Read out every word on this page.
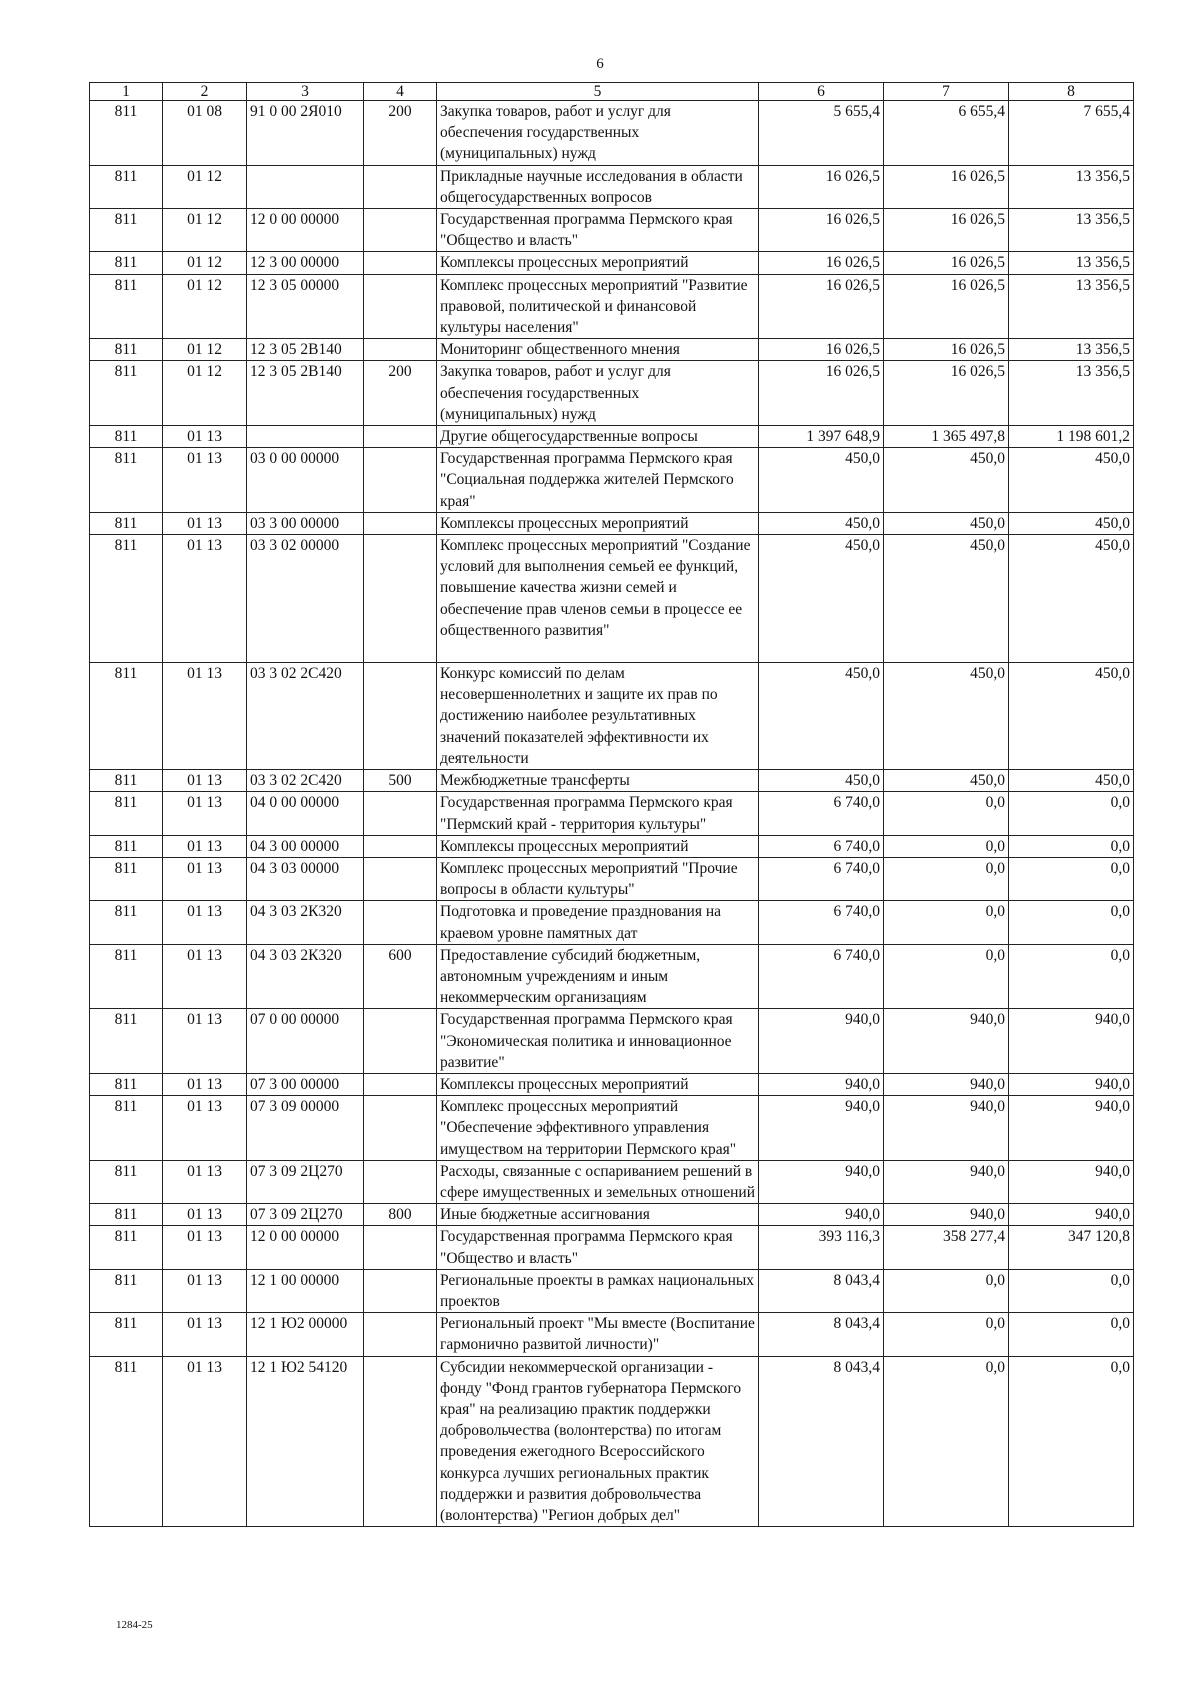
6
1	2	3	4	5	6	7	8
811	01 08	91 0 00 2Я010	200	Закупка товаров, работ и услуг для обеспечения государственных (муниципальных) нужд	5 655,4	6 655,4	7 655,4
811	01 12			Прикладные научные исследования в области общегосударственных вопросов	16 026,5	16 026,5	13 356,5
811	01 12	12 0 00 00000		Государственная программа Пермского края "Общество и власть"	16 026,5	16 026,5	13 356,5
811	01 12	12 3 00 00000		Комплексы процессных мероприятий	16 026,5	16 026,5	13 356,5
811	01 12	12 3 05 00000		Комплекс процессных мероприятий "Развитие правовой, политической и финансовой культуры населения"	16 026,5	16 026,5	13 356,5
811	01 12	12 3 05 2В140		Мониторинг общественного мнения	16 026,5	16 026,5	13 356,5
811	01 12	12 3 05 2В140	200	Закупка товаров, работ и услуг для обеспечения государственных (муниципальных) нужд	16 026,5	16 026,5	13 356,5
811	01 13			Другие общегосударственные вопросы	1 397 648,9	1 365 497,8	1 198 601,2
811	01 13	03 0 00 00000		Государственная программа Пермского края "Социальная поддержка жителей Пермского края"	450,0	450,0	450,0
811	01 13	03 3 00 00000		Комплексы процессных мероприятий	450,0	450,0	450,0
811	01 13	03 3 02 00000		Комплекс процессных мероприятий "Создание условий для выполнения семьей ее функций, повышение качества жизни семей и обеспечение прав членов семьи в процессе ее общественного развития"	450,0	450,0	450,0
811	01 13	03 3 02 2С420		Конкурс комиссий по делам несовершеннолетних и защите их прав по достижению наиболее результативных значений показателей эффективности их деятельности	450,0	450,0	450,0
811	01 13	03 3 02 2С420	500	Межбюджетные трансферты	450,0	450,0	450,0
811	01 13	04 0 00 00000		Государственная программа Пермского края "Пермский край - территория культуры"	6 740,0	0,0	0,0
811	01 13	04 3 00 00000		Комплексы процессных мероприятий	6 740,0	0,0	0,0
811	01 13	04 3 03 00000		Комплекс процессных мероприятий "Прочие вопросы в области культуры"	6 740,0	0,0	0,0
811	01 13	04 3 03 2К320		Подготовка и проведение празднования на краевом уровне памятных дат	6 740,0	0,0	0,0
811	01 13	04 3 03 2К320	600	Предоставление субсидий бюджетным, автономным учреждениям и иным некоммерческим организациям	6 740,0	0,0	0,0
811	01 13	07 0 00 00000		Государственная программа Пермского края "Экономическая политика и инновационное развитие"	940,0	940,0	940,0
811	01 13	07 3 00 00000		Комплексы процессных мероприятий	940,0	940,0	940,0
811	01 13	07 3 09 00000		Комплекс процессных мероприятий "Обеспечение эффективного управления имуществом на территории Пермского края"	940,0	940,0	940,0
811	01 13	07 3 09 2Ц270		Расходы, связанные с оспариванием решений в сфере имущественных и земельных отношений	940,0	940,0	940,0
811	01 13	07 3 09 2Ц270	800	Иные бюджетные ассигнования	940,0	940,0	940,0
811	01 13	12 0 00 00000		Государственная программа Пермского края "Общество и власть"	393 116,3	358 277,4	347 120,8
811	01 13	12 1 00 00000		Региональные проекты в рамках национальных проектов	8 043,4	0,0	0,0
811	01 13	12 1 Ю2 00000		Региональный проект "Мы вместе (Воспитание гармонично развитой личности)"	8 043,4	0,0	0,0
811	01 13	12 1 Ю2 54120		Субсидии некоммерческой организации - фонду "Фонд грантов губернатора Пермского края" на реализацию практик поддержки добровольчества (волонтерства) по итогам проведения ежегодного Всероссийского конкурса лучших региональных практик поддержки и развития добровольчества (волонтерства) "Регион добрых дел"	8 043,4	0,0	0,0
1284-25
